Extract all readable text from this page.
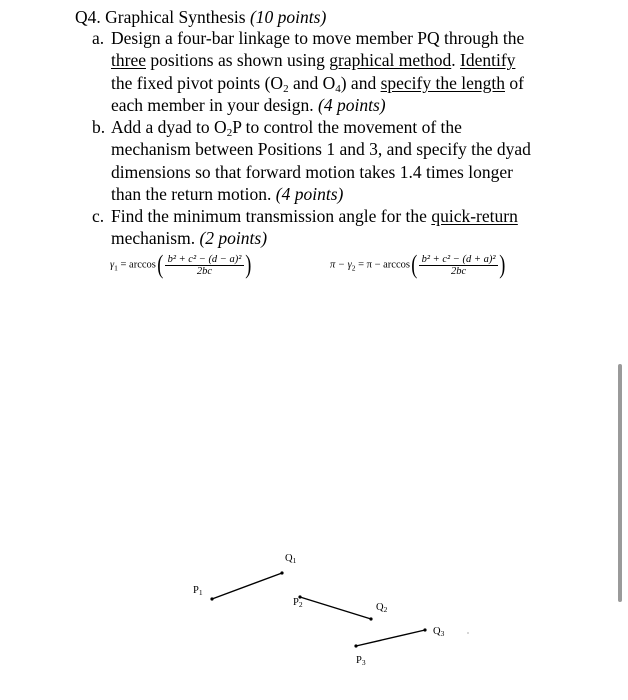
Q4. Graphical Synthesis (10 points)
a. Design a four-bar linkage to move member PQ through the
three positions as shown using graphical method. Identify
the fixed pivot points ($O_2$ and $O_4$) and specify the length of
each member in your design. (4 points)
b. Add a dyad to $O_2P$ to control the movement of the
mechanism between Positions 1 and 3, and specify the dyad
dimensions so that forward motion takes 1.4 times longer
than the return motion. (4 points)
c. Find the minimum transmission angle for the quick-return
mechanism. (2 points)
$\gamma_1 = \arccos( \frac{\text{b² + c² − (d − a)²}}{2bc}$ )	$\pi - \gamma_2 = \pi - \arccos( \frac{\text{b² + c² − (d + a)²}}{2bc}$ )
$Q_1$
$P_1$
$P_2$	$Q_2$
$Q_3$
$P_3$
